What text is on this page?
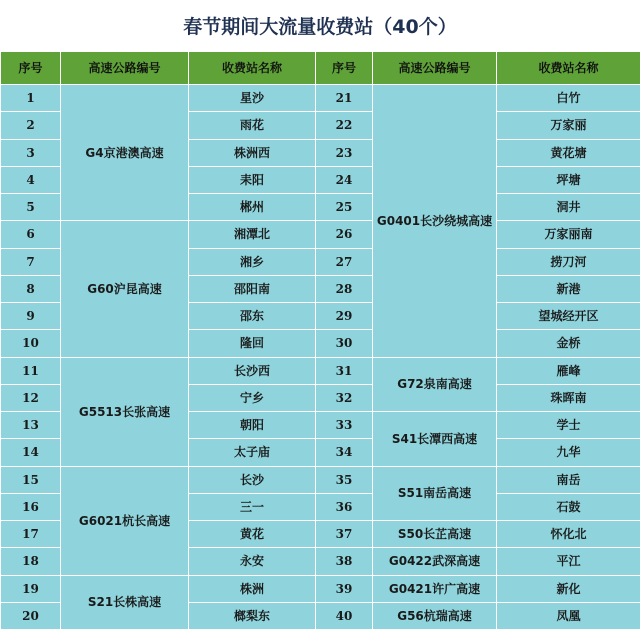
春节期间大流量收费站（40个）
序号	高速公路编号	收费站名称	序号	高速公路编号	收费站名称
1	G4京港澳高速	星沙	21	G0401长沙绕城高速	白竹
2		雨花	22		万家丽
3		株洲西	23		黄花塘
4		耒阳	24		坪塘
5		郴州	25		洞井
6	G60沪昆高速	湘潭北	26		万家丽南
7		湘乡	27		捞刀河
8		邵阳南	28		新港
9		邵东	29		望城经开区
10		隆回	30		金桥
11	G5513长张高速	长沙西	31	G72泉南高速	雁峰
12		宁乡	32		珠晖南
13		朝阳	33	S41长潭西高速	学士
14		太子庙	34		九华
15	G6021杭长高速	长沙	35	S51南岳高速	南岳
16		三一	36		石鼓
17		黄花	37	S50长芷高速	怀化北
18		永安	38	G0422武深高速	平江
19	S21长株高速	株洲	39	G0421许广高速	新化
20		榔梨东	40	G56杭瑞高速	凤凰
